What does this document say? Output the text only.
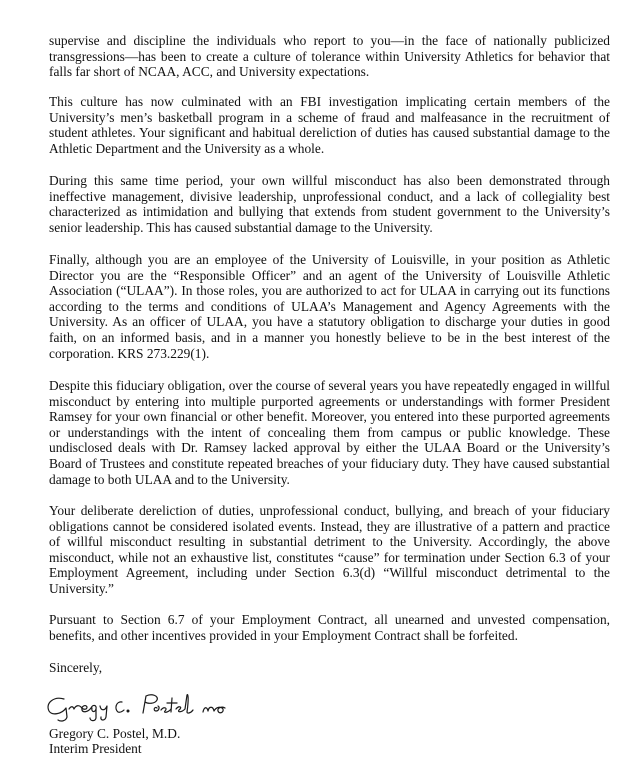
supervise and discipline the individuals who report to you—in the face of nationally publicized transgressions—has been to create a culture of tolerance within University Athletics for behavior that falls far short of NCAA, ACC, and University expectations.

This culture has now culminated with an FBI investigation implicating certain members of the University’s men’s basketball program in a scheme of fraud and malfeasance in the recruitment of student athletes. Your significant and habitual dereliction of duties has caused substantial damage to the Athletic Department and the University as a whole.

During this same time period, your own willful misconduct has also been demonstrated through ineffective management, divisive leadership, unprofessional conduct, and a lack of collegiality best characterized as intimidation and bullying that extends from student government to the University’s senior leadership. This has caused substantial damage to the University.

Finally, although you are an employee of the University of Louisville, in your position as Athletic Director you are the “Responsible Officer” and an agent of the University of Louisville Athletic Association (“ULAA”). In those roles, you are authorized to act for ULAA in carrying out its functions according to the terms and conditions of ULAA’s Management and Agency Agreements with the University. As an officer of ULAA, you have a statutory obligation to discharge your duties in good faith, on an informed basis, and in a manner you honestly believe to be in the best interest of the corporation. KRS 273.229(1).

Despite this fiduciary obligation, over the course of several years you have repeatedly engaged in willful misconduct by entering into multiple purported agreements or understandings with former President Ramsey for your own financial or other benefit. Moreover, you entered into these purported agreements or understandings with the intent of concealing them from campus or public knowledge. These undisclosed deals with Dr. Ramsey lacked approval by either the ULAA Board or the University’s Board of Trustees and constitute repeated breaches of your fiduciary duty. They have caused substantial damage to both ULAA and to the University.

Your deliberate dereliction of duties, unprofessional conduct, bullying, and breach of your fiduciary obligations cannot be considered isolated events. Instead, they are illustrative of a pattern and practice of willful misconduct resulting in substantial detriment to the University. Accordingly, the above misconduct, while not an exhaustive list, constitutes “cause” for termination under Section 6.3 of your Employment Agreement, including under Section 6.3(d) “Willful misconduct detrimental to the University.”

Pursuant to Section 6.7 of your Employment Contract, all unearned and unvested compensation, benefits, and other incentives provided in your Employment Contract shall be forfeited.

Sincerely,

Gregory C. Postel, M.D.

Interim President
